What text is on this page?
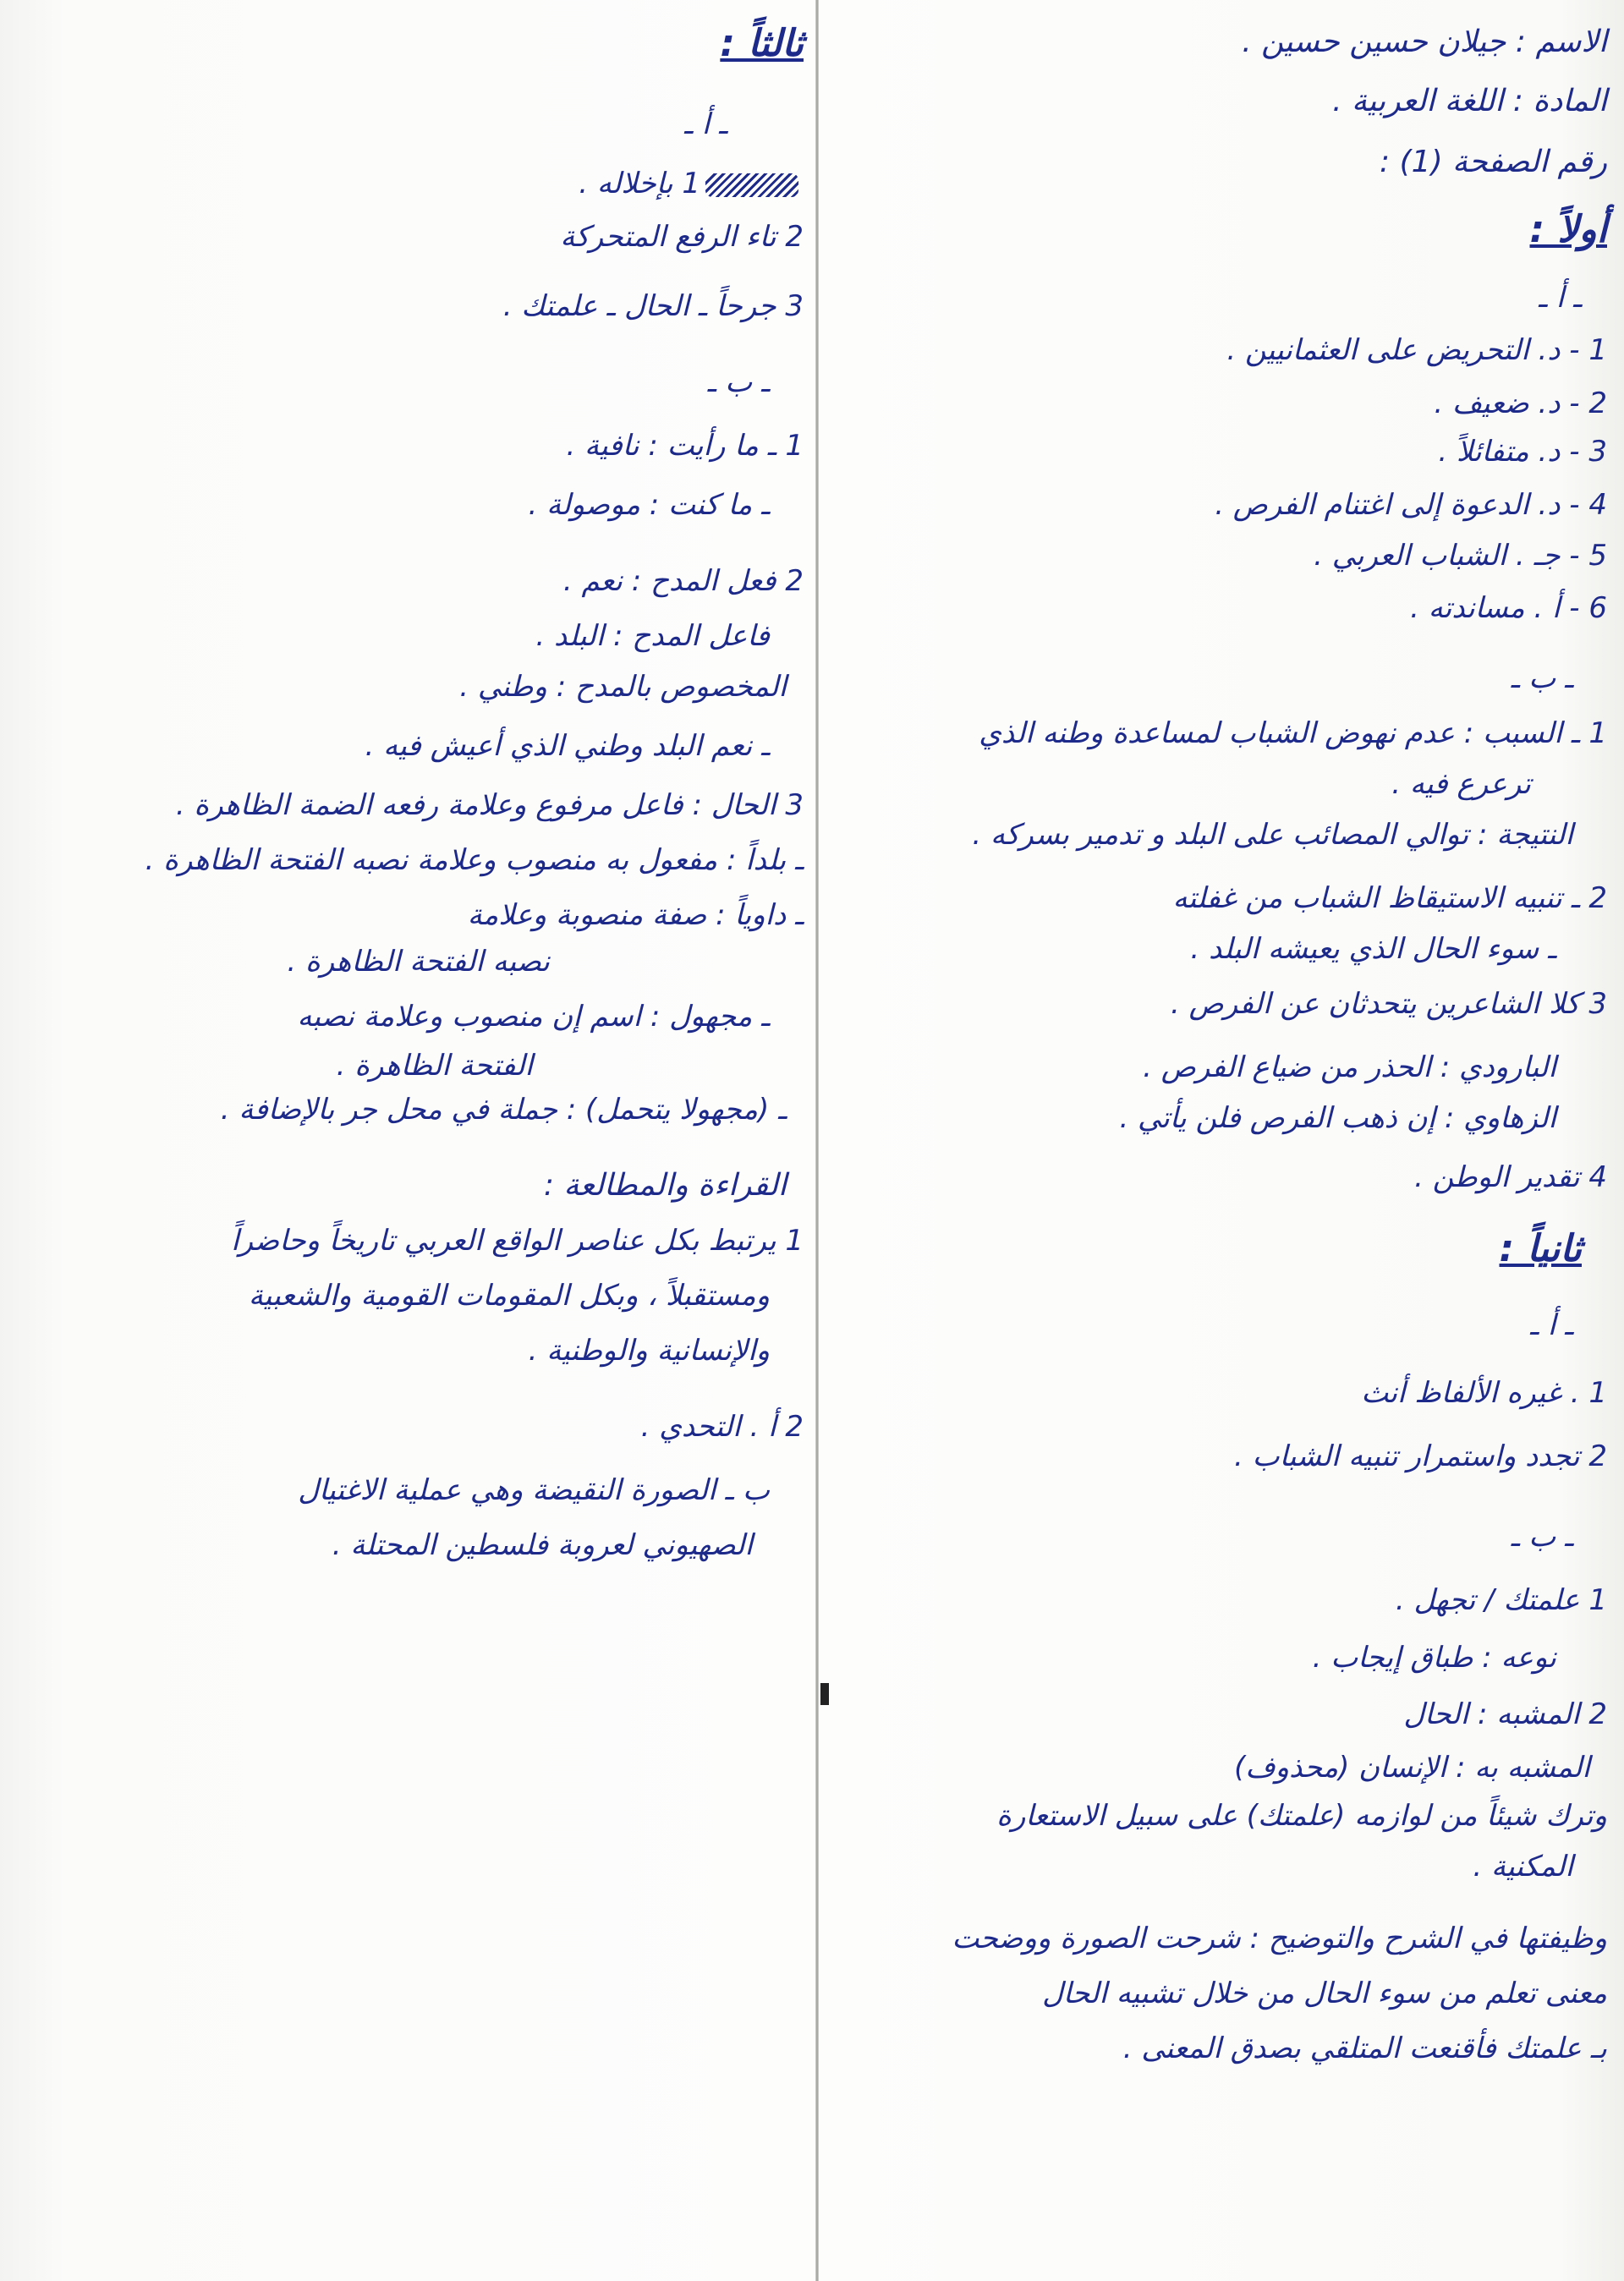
الاسم : جيلان حسين حسين .
المادة : اللغة العربية .
رقم الصفحة (1) :
أولاً :
ـ أ ـ
1 - د. التحريض على العثمانيين .
2 - د. ضعيف .
3 - د. متفائلاً .
4 - د. الدعوة إلى اغتنام الفرص .
5 - جـ . الشباب العربي .
6 - أ . مساندته .
ـ ب ـ
1 ـ السبب : عدم نهوض الشباب لمساعدة وطنه الذي
ترعرع فيه .
النتيجة : توالي المصائب على البلد و تدمير بسركه .
2 ـ تنبيه الاستيقاظ الشباب من غفلته
ـ سوء الحال الذي يعيشه البلد .
3 كلا الشاعرين يتحدثان عن الفرص .
البارودي : الحذر من ضياع الفرص .
الزهاوي : إن ذهب الفرص فلن يأتي .
4 تقدير الوطن .
ثانياً :
ـ أ ـ
1 . غيره الألفاظ أنث
2 تجدد واستمرار تنبيه الشباب .
ـ ب ـ
1 علمتك / تجهل .
نوعه : طباق إيجاب .
2 المشبه : الحال
المشبه به : الإنسان (محذوف)
وترك شيئاً من لوازمه (علمتك) على سبيل الاستعارة
المكنية .
وظيفتها في الشرح والتوضيح : شرحت الصورة ووضحت
معنى تعلم من سوء الحال من خلال تشبيه الحال
بـ علمتك فأقنعت المتلقي بصدق المعنى .
ثالثاً :
ـ أ ـ
1 بإخلاله .
2 تاء الرفع المتحركة
3 جرحاً ـ الحال ـ علمتك .
ـ ب ـ
1 ـ ما رأيت : نافية .
ـ ما كنت : موصولة .
2 فعل المدح : نعم .
فاعل المدح : البلد .
المخصوص بالمدح : وطني .
ـ نعم البلد وطني الذي أعيش فيه .
3 الحال : فاعل مرفوع وعلامة رفعه الضمة الظاهرة .
ـ بلداً : مفعول به منصوب وعلامة نصبه الفتحة الظاهرة .
ـ داوياً : صفة منصوبة وعلامة
نصبه الفتحة الظاهرة .
ـ مجهول : اسم إن منصوب وعلامة نصبه
الفتحة الظاهرة .
ـ (مجهولا يتحمل) : جملة في محل جر بالإضافة .
القراءة والمطالعة :
1 يرتبط بكل عناصر الواقع العربي تاريخاً وحاضراً
ومستقبلاً ، وبكل المقومات القومية والشعبية
والإنسانية والوطنية .
2 أ . التحدي .
ب ـ الصورة النقيضة وهي عملية الاغتيال
الصهيوني لعروبة فلسطين المحتلة .
